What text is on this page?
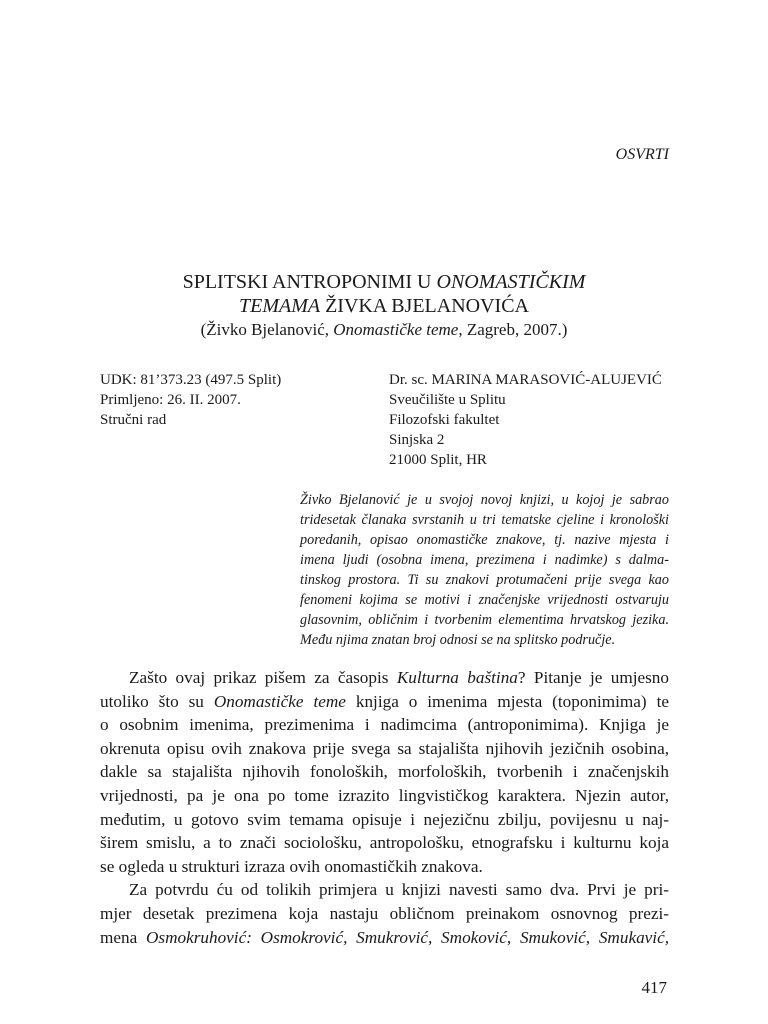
OSVRTI
SPLITSKI ANTROPONIMI U ONOMASTIČKIM
TEMAMA ŽIVKA BJELANOVIĆA
(Živko Bjelanović, Onomastičke teme, Zagreb, 2007.)
UDK: 81’373.23 (497.5 Split)
Primljeno: 26. II. 2007.
Stručni rad
Dr. sc. MARINA MARASOVIĆ-ALUJEVIĆ
Sveučilište u Splitu
Filozofski fakultet
Sinjska 2
21000 Split, HR
Živko Bjelanović je u svojoj novoj knjizi, u kojoj je sabrao
tridesetak članaka svrstanih u tri tematske cjeline i kronološki
poredanih, opisao onomastičke znakove, tj. nazive mjesta i
imena ljudi (osobna imena, prezimena i nadimke) s dalma-
tinskog prostora. Ti su znakovi protumačeni prije svega kao
fenomeni kojima se motivi i značenjske vrijednosti ostvaruju
glasovnim, obličnim i tvorbenim elementima hrvatskog jezika.
Među njima znatan broj odnosi se na splitsko područje.
Zašto ovaj prikaz pišem za časopis Kulturna baština? Pitanje je umjesno
utoliko što su Onomastičke teme knjiga o imenima mjesta (toponimima) te
o osobnim imenima, prezimenima i nadimcima (antroponimima). Knjiga je
okrenuta opisu ovih znakova prije svega sa stajališta njihovih jezičnih osobina,
dakle sa stajališta njihovih fonoloških, morfoloških, tvorbenih i značenjskih
vrijednosti, pa je ona po tome izrazito lingvističkog karaktera. Njezin autor,
međutim, u gotovo svim temama opisuje i nejezičnu zbilju, povijesnu u naj-
širem smislu, a to znači sociološku, antropološku, etnografsku i kulturnu koja
se ogleda u strukturi izraza ovih onomastičkih znakova.
Za potvrdu ću od tolikih primjera u knjizi navesti samo dva. Prvi je pri-
mjer desetak prezimena koja nastaju obličnom preinakom osnovnog prezi-
mena Osmokruhović: Osmokrović, Smukrović, Smoković, Smuković, Smukavić,
417
